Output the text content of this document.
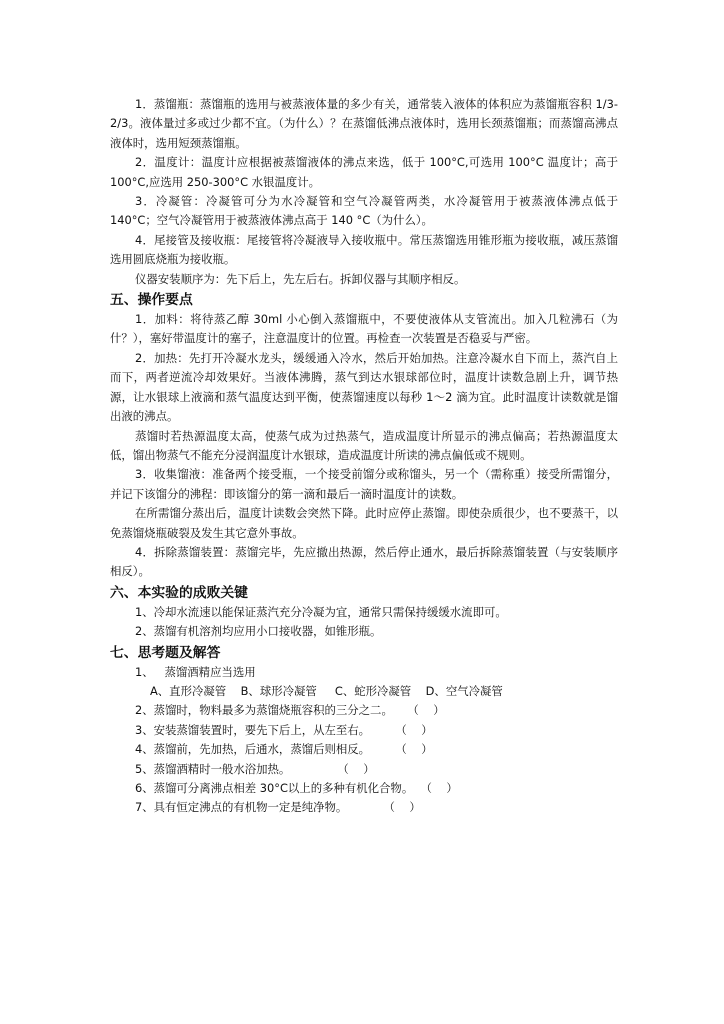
1．蒸馏瓶：蒸馏瓶的选用与被蒸液体量的多少有关，通常装入液体的体积应为蒸馏瓶容积 1/3-2/3。液体量过多或过少都不宜。（为什么）？在蒸馏低沸点液体时，选用长颈蒸馏瓶；而蒸馏高沸点液体时，选用短颈蒸馏瓶。

2．温度计：温度计应根据被蒸馏液体的沸点来选，低于 100°C,可选用 100°C 温度计；高于 100°C,应选用 250-300°C 水银温度计。

3．冷凝管：冷凝管可分为水冷凝管和空气冷凝管两类，水冷凝管用于被蒸液体沸点低于 140°C；空气冷凝管用于被蒸液体沸点高于 140 °C（为什么）。

4．尾接管及接收瓶：尾接管将冷凝液导入接收瓶中。常压蒸馏选用锥形瓶为接收瓶，减压蒸馏选用圆底烧瓶为接收瓶。

仪器安装顺序为：先下后上，先左后右。拆卸仪器与其顺序相反。

五、操作要点

1．加料：将待蒸乙醇 30ml 小心倒入蒸馏瓶中，不要使液体从支管流出。加入几粒沸石（为什？），塞好带温度计的塞子，注意温度计的位置。再检查一次装置是否稳妥与严密。

2．加热：先打开冷凝水龙头，缓缓通入冷水，然后开始加热。注意冷凝水自下而上，蒸汽自上而下，两者逆流冷却效果好。当液体沸腾，蒸气到达水银球部位时，温度计读数急剧上升，调节热源，让水银球上液滴和蒸气温度达到平衡，使蒸馏速度以每秒 1～2 滴为宜。此时温度计读数就是馏出液的沸点。

蒸馏时若热源温度太高，使蒸气成为过热蒸气，造成温度计所显示的沸点偏高；若热源温度太低，馏出物蒸气不能充分浸润温度计水银球，造成温度计所读的沸点偏低或不规则。

3．收集馏液：准备两个接受瓶，一个接受前馏分或称馏头，另一个（需称重）接受所需馏分，并记下该馏分的沸程：即该馏分的第一滴和最后一滴时温度计的读数。

在所需馏分蒸出后，温度计读数会突然下降。此时应停止蒸馏。即使杂质很少，也不要蒸干，以免蒸馏烧瓶破裂及发生其它意外事故。

4．拆除蒸馏装置：蒸馏完毕，先应撤出热源，然后停止通水，最后拆除蒸馏装置（与安装顺序相反）。

六、本实验的成败关键

1、冷却水流速以能保证蒸汽充分冷凝为宜，通常只需保持缓缓水流即可。

2、蒸馏有机溶剂均应用小口接收器，如锥形瓶。

七、思考题及解答
1、   蒸馏酒精应当选用
A、直形冷凝管    B、球形冷凝管     C、蛇形冷凝管    D、空气冷凝管
2、蒸馏时，物料最多为蒸馏烧瓶容积的三分之二。    （    ）
3、安装蒸馏装置时，要先下后上，从左至右。       （    ）
4、蒸馏前，先加热，后通水，蒸馏后则相反。       （    ）
5、蒸馏酒精时一般水浴加热。             （    ）
6、蒸馏可分离沸点相差 30°C以上的多种有机化合物。  （    ）
7、具有恒定沸点的有机物一定是纯净物。          （    ）
